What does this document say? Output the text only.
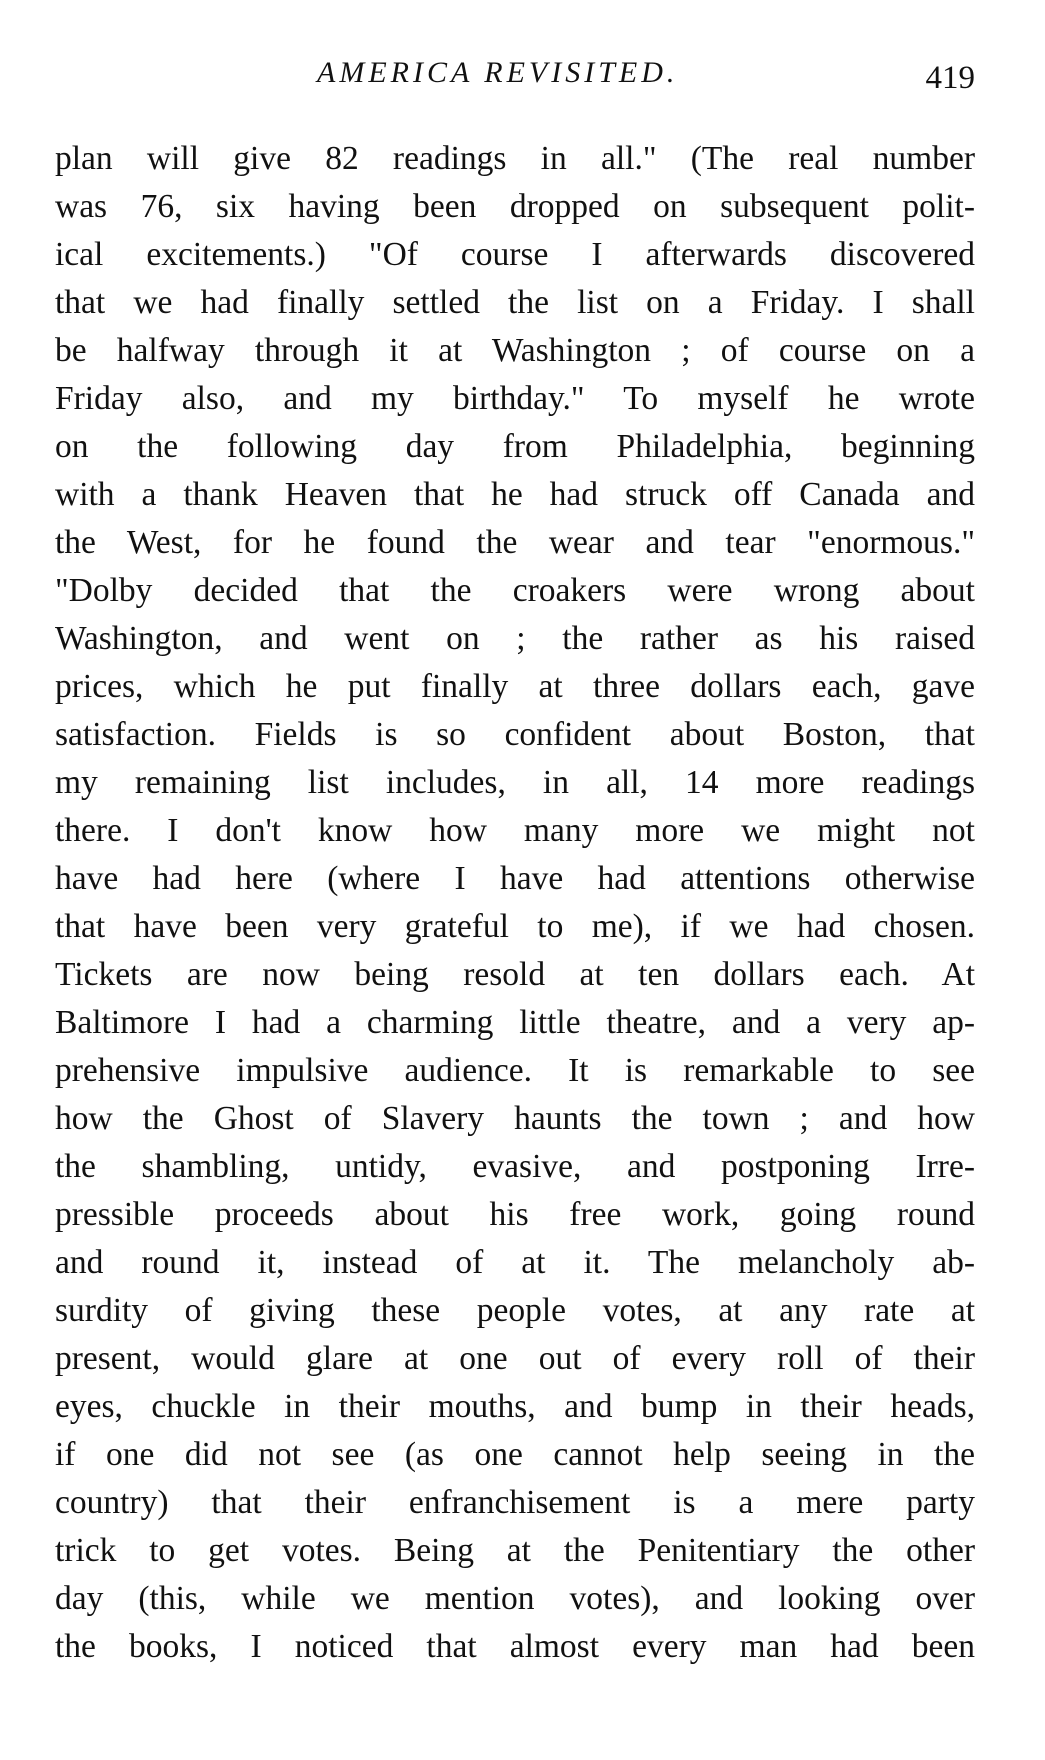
AMERICA REVISITED.	419
plan will give 82 readings in all." (The real number
was 76, six having been dropped on subsequent polit-
ical excitements.) "Of course I afterwards discovered
that we had finally settled the list on a Friday. I shall
be halfway through it at Washington ; of course on a
Friday also, and my birthday." To myself he wrote
on the following day from Philadelphia, beginning
with a thank Heaven that he had struck off Canada and
the West, for he found the wear and tear "enormous."
"Dolby decided that the croakers were wrong about
Washington, and went on ; the rather as his raised
prices, which he put finally at three dollars each, gave
satisfaction. Fields is so confident about Boston, that
my remaining list includes, in all, 14 more readings
there. I don't know how many more we might not
have had here (where I have had attentions otherwise
that have been very grateful to me), if we had chosen.
Tickets are now being resold at ten dollars each. At
Baltimore I had a charming little theatre, and a very ap-
prehensive impulsive audience. It is remarkable to see
how the Ghost of Slavery haunts the town ; and how
the shambling, untidy, evasive, and postponing Irre-
pressible proceeds about his free work, going round
and round it, instead of at it. The melancholy ab-
surdity of giving these people votes, at any rate at
present, would glare at one out of every roll of their
eyes, chuckle in their mouths, and bump in their heads,
if one did not see (as one cannot help seeing in the
country) that their enfranchisement is a mere party
trick to get votes. Being at the Penitentiary the other
day (this, while we mention votes), and looking over
the books, I noticed that almost every man had been
